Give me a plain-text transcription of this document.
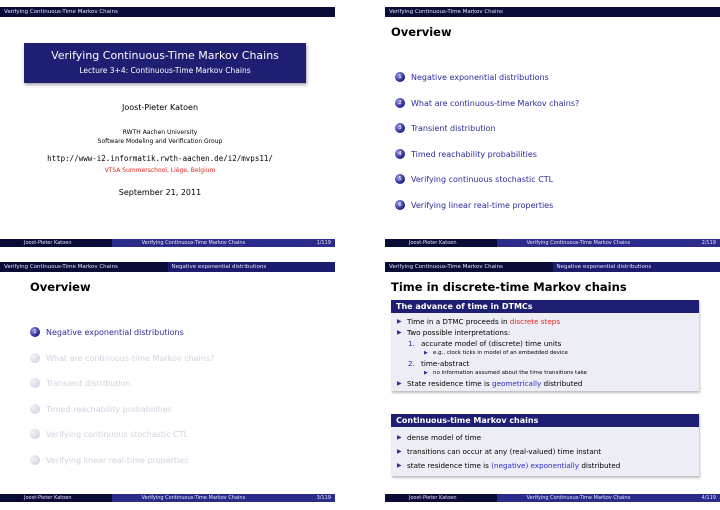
Verifying Continuous-Time Markov Chains
Verifying Continuous-Time Markov Chains
Lecture 3+4: Continuous-Time Markov Chains
Joost-Pieter Katoen
RWTH Aachen University
Software Modeling and Verification Group
http://www-i2.informatik.rwth-aachen.de/i2/mvps11/
VTSA Summerschool, Liège, Belgium
September 21, 2011
Joost-Pieter Katoen	Verifying Continuous-Time Markov Chains	1/119
Verifying Continuous-Time Markov Chains
Overview
1	Negative exponential distributions
2	What are continuous-time Markov chains?
3	Transient distribution
4	Timed reachability probabilities
5	Verifying continuous stochastic CTL
6	Verifying linear real-time properties
Joost-Pieter Katoen	Verifying Continuous-Time Markov Chains	2/119
Verifying Continuous-Time Markov Chains	Negative exponential distributions
Overview
1	Negative exponential distributions
2	What are continuous-time Markov chains?
3	Transient distribution
4	Timed reachability probabilities
5	Verifying continuous stochastic CTL
6	Verifying linear real-time properties
Joost-Pieter Katoen	Verifying Continuous-Time Markov Chains	3/119
Verifying Continuous-Time Markov Chains	Negative exponential distributions
Time in discrete-time Markov chains
The advance of time in DTMCs
▶ Time in a DTMC proceeds in discrete steps
▶ Two possible interpretations:
1. accurate model of (discrete) time units
▶ e.g., clock ticks in model of an embedded device
2. time-abstract
▶ no information assumed about the time transitions take
▶ State residence time is geometrically distributed
Continuous-time Markov chains
▶ dense model of time
▶ transitions can occur at any (real-valued) time instant
▶ state residence time is (negative) exponentially distributed
Joost-Pieter Katoen	Verifying Continuous-Time Markov Chains	4/119
